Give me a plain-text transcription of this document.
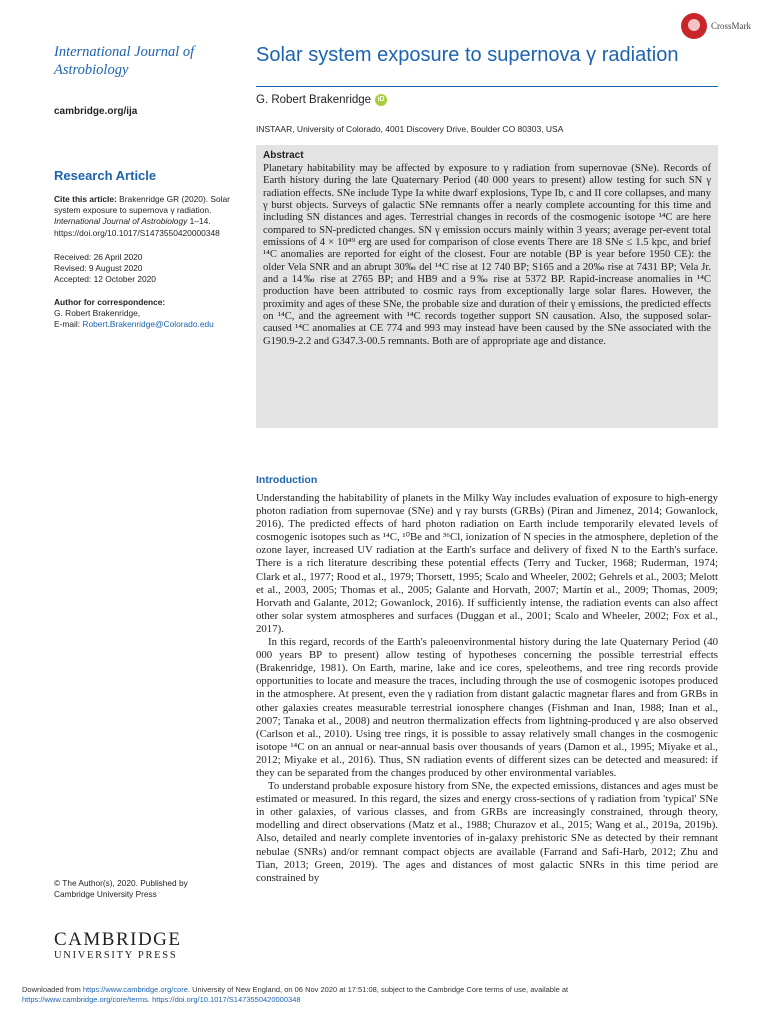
International Journal of Astrobiology
cambridge.org/ija
CrossMark
Solar system exposure to supernova γ radiation
G. Robert Brakenridge iD
INSTAAR, University of Colorado, 4001 Discovery Drive, Boulder CO 80303, USA
Research Article
Cite this article: Brakenridge GR (2020). Solar system exposure to supernova γ radiation. International Journal of Astrobiology 1–14. https://doi.org/10.1017/S1473550420000348
Received: 26 April 2020
Revised: 9 August 2020
Accepted: 12 October 2020
Author for correspondence:
G. Robert Brakenridge,
E-mail: Robert.Brakenridge@Colorado.edu
Abstract
Planetary habitability may be affected by exposure to γ radiation from supernovae (SNe). Records of Earth history during the late Quaternary Period (40 000 years to present) allow testing for such SN γ radiation effects. SNe include Type Ia white dwarf explosions, Type Ib, c and II core collapses, and many γ burst objects. Surveys of galactic SNe remnants offer a nearly complete accounting for this time and including SN distances and ages. Terrestrial changes in records of the cosmogenic isotope ¹⁴C are here compared to SN-predicted changes. SN γ emission occurs mainly within 3 years; average per-event total emissions of 4 × 10⁴⁹ erg are used for comparison of close events There are 18 SNe ≤ 1.5 kpc, and brief ¹⁴C anomalies are reported for eight of the closest. Four are notable (BP is year before 1950 CE): the older Vela SNR and an abrupt 30‰ del ¹⁴C rise at 12 740 BP; S165 and a 20‰ rise at 7431 BP; Vela Jr. and a 14‰ rise at 2765 BP; and HB9 and a 9‰ rise at 5372 BP. Rapid-increase anomalies in ¹⁴C production have been attributed to cosmic rays from exceptionally large solar flares. However, the proximity and ages of these SNe, the probable size and duration of their γ emissions, the predicted effects on ¹⁴C, and the agreement with ¹⁴C records together support SN causation. Also, the supposed solar-caused ¹⁴C anomalies at CE 774 and 993 may instead have been caused by the SNe associated with the G190.9-2.2 and G347.3-00.5 remnants. Both are of appropriate age and distance.
Introduction

Understanding the habitability of planets in the Milky Way includes evaluation of exposure to high-energy photon radiation from supernovae (SNe) and γ ray bursts (GRBs) (Piran and Jimenez, 2014; Gowanlock, 2016). The predicted effects of hard photon radiation on Earth include temporarily elevated levels of cosmogenic isotopes such as ¹⁴C, ¹⁰Be and ³⁶Cl, ionization of N species in the atmosphere, depletion of the ozone layer, increased UV radiation at the Earth's surface and delivery of fixed N to the Earth's surface. There is a rich literature describing these potential effects (Terry and Tucker, 1968; Ruderman, 1974; Clark et al., 1977; Rood et al., 1979; Thorsett, 1995; Scalo and Wheeler, 2002; Gehrels et al., 2003; Melott et al., 2003, 2005; Thomas et al., 2005; Galante and Horvath, 2007; Martín et al., 2009; Thomas, 2009; Horvath and Galante, 2012; Gowanlock, 2016). If sufficiently intense, the radiation events can also affect other solar system atmospheres and surfaces (Duggan et al., 2001; Scalo and Wheeler, 2002; Fox et al., 2017).

In this regard, records of the Earth's paleoenvironmental history during the late Quaternary Period (40 000 years BP to present) allow testing of hypotheses concerning the possible terrestrial effects (Brakenridge, 1981). On Earth, marine, lake and ice cores, speleothems, and tree ring records provide opportunities to locate and measure the traces, including through the use of cosmogenic isotopes produced in the atmosphere. At present, even the γ radiation from distant galactic magnetar flares and from GRBs in other galaxies creates measurable terrestrial ionosphere changes (Fishman and Inan, 1988; Inan et al., 2007; Tanaka et al., 2008) and neutron thermalization effects from lightning-produced γ are also observed (Carlson et al., 2010). Using tree rings, it is possible to assay relatively small changes in the cosmogenic isotope ¹⁴C on an annual or near-annual basis over thousands of years (Damon et al., 1995; Miyake et al., 2012; Miyake et al., 2016). Thus, SN radiation events of different sizes can be detected and measured: if they can be separated from the changes produced by other environmental variables.

To understand probable exposure history from SNe, the expected emissions, distances and ages must be estimated or measured. In this regard, the sizes and energy cross-sections of γ radiation from 'typical' SNe in other galaxies, of various classes, and from GRBs are increasingly constrained, through theory, modelling and direct observations (Matz et al., 1988; Churazov et al., 2015; Wang et al., 2019a, 2019b). Also, detailed and nearly complete inventories of in-galaxy prehistoric SNe as detected by their remnant nebulae (SNRs) and/or remnant compact objects are available (Farrand and Safi-Harb, 2012; Zhu and Tian, 2013; Green, 2019). The ages and distances of most galactic SNRs in this time period are constrained by

© The Author(s), 2020. Published by
Cambridge University Press
CAMBRIDGE
UNIVERSITY PRESS
Downloaded from https://www.cambridge.org/core. University of New England, on 06 Nov 2020 at 17:51:08, subject to the Cambridge Core terms of use, available at
https://www.cambridge.org/core/terms. https://doi.org/10.1017/S1473550420000348
